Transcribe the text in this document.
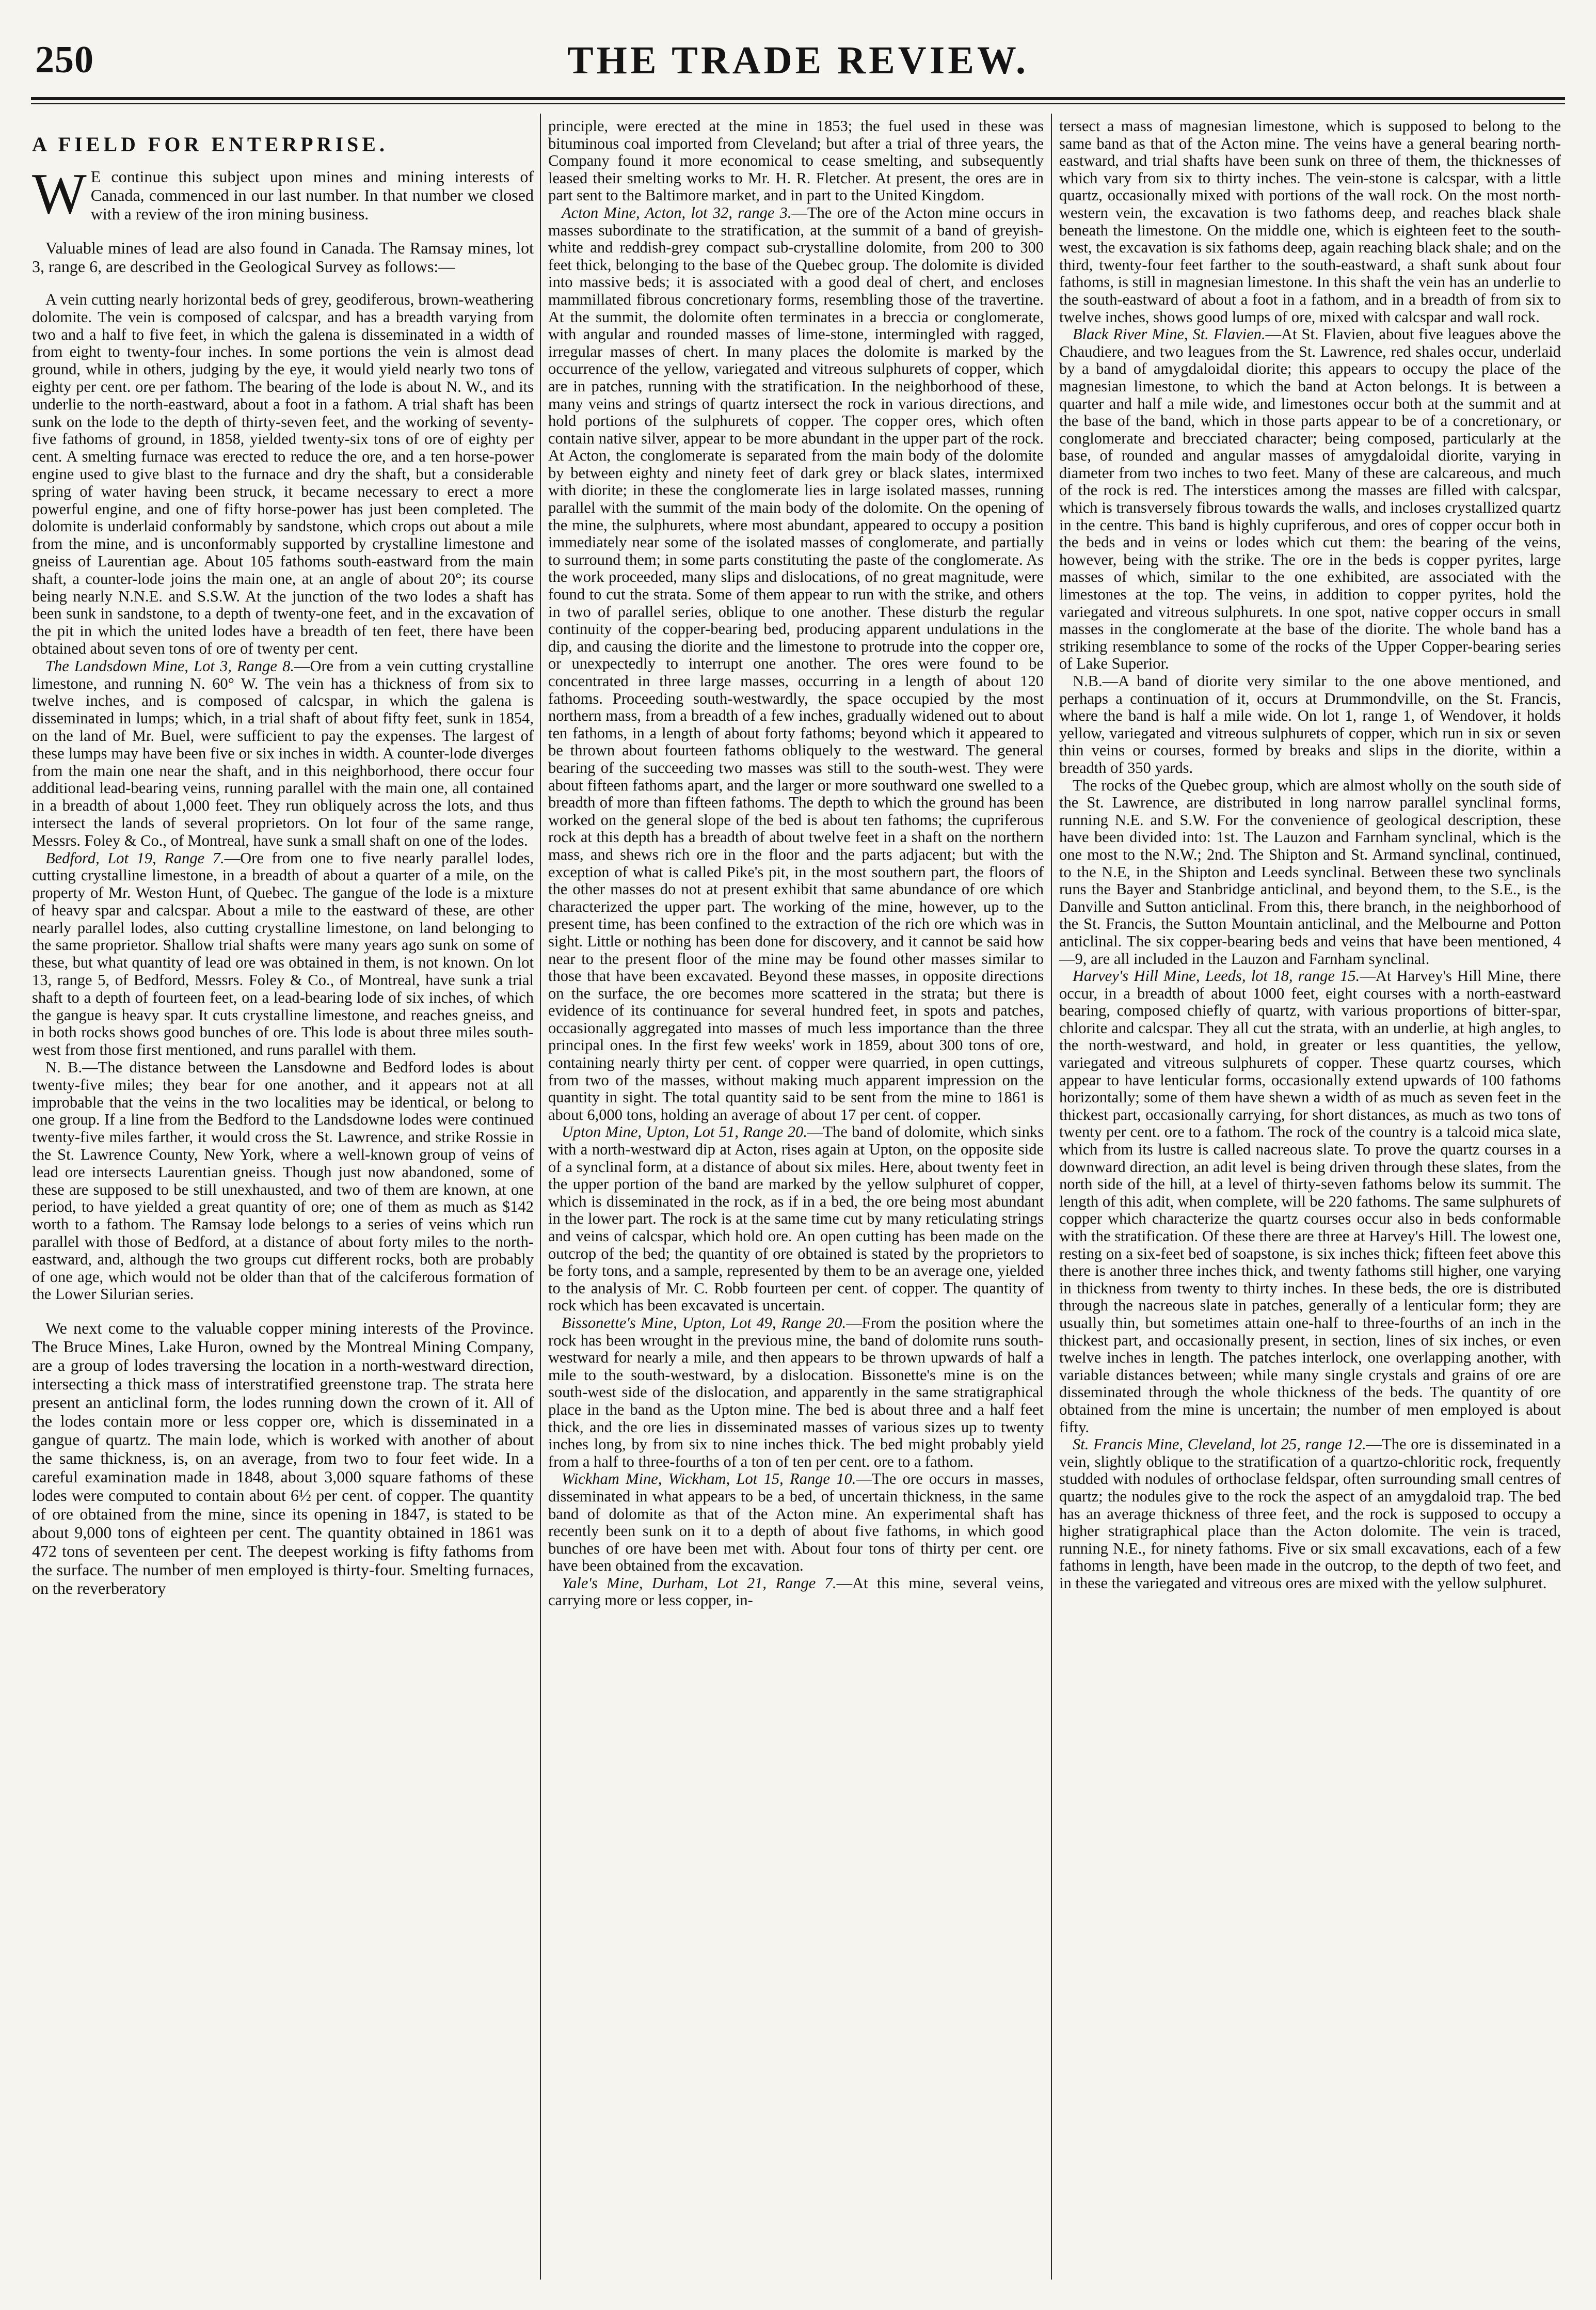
250	THE TRADE REVIEW.
A FIELD FOR ENTERPRISE.

W E continue this subject upon mines and mining interests of Canada, commenced in our last number. In that number we closed with a review of the iron mining business.

Valuable mines of lead are also found in Canada. The Ramsay mines, lot 3, range 6, are described in the Geological Survey as follows:—

A vein cutting nearly horizontal beds of grey, geodiferous, brown-weathering dolomite. The vein is composed of calcspar, and has a breadth varying from two and a half to five feet, in which the galena is disseminated in a width of from eight to twenty-four inches. In some portions the vein is almost dead ground, while in others, judging by the eye, it would yield nearly two tons of eighty per cent. ore per fathom. The bearing of the lode is about N. W., and its underlie to the north-eastward, about a foot in a fathom. A trial shaft has been sunk on the lode to the depth of thirty-seven feet, and the working of seventy-five fathoms of ground, in 1858, yielded twenty-six tons of ore of eighty per cent. A smelting furnace was erected to reduce the ore, and a ten horse-power engine used to give blast to the furnace and dry the shaft, but a considerable spring of water having been struck, it became necessary to erect a more powerful engine, and one of fifty horse-power has just been completed. The dolomite is underlaid conformably by sandstone, which crops out about a mile from the mine, and is unconformably supported by crystalline limestone and gneiss of Laurentian age. About 105 fathoms south-eastward from the main shaft, a counter-lode joins the main one, at an angle of about 20°; its course being nearly N.N.E. and S.S.W. At the junction of the two lodes a shaft has been sunk in sandstone, to a depth of twenty-one feet, and in the excavation of the pit in which the united lodes have a breadth of ten feet, there have been obtained about seven tons of ore of twenty per cent.

The Landsdown Mine, Lot 3, Range 8.—Ore from a vein cutting crystalline limestone, and running N. 60° W. The vein has a thickness of from six to twelve inches, and is composed of calcspar, in which the galena is disseminated in lumps; which, in a trial shaft of about fifty feet, sunk in 1854, on the land of Mr. Buel, were sufficient to pay the expenses. The largest of these lumps may have been five or six inches in width. A counter-lode diverges from the main one near the shaft, and in this neighborhood, there occur four additional lead-bearing veins, running parallel with the main one, all contained in a breadth of about 1,000 feet. They run obliquely across the lots, and thus intersect the lands of several proprietors. On lot four of the same range, Messrs. Foley & Co., of Montreal, have sunk a small shaft on one of the lodes.

Bedford, Lot 19, Range 7.—Ore from one to five nearly parallel lodes, cutting crystalline limestone, in a breadth of about a quarter of a mile, on the property of Mr. Weston Hunt, of Quebec. The gangue of the lode is a mixture of heavy spar and calcspar. About a mile to the eastward of these, are other nearly parallel lodes, also cutting crystalline limestone, on land belonging to the same proprietor. Shallow trial shafts were many years ago sunk on some of these, but what quantity of lead ore was obtained in them, is not known. On lot 13, range 5, of Bedford, Messrs. Foley & Co., of Montreal, have sunk a trial shaft to a depth of fourteen feet, on a lead-bearing lode of six inches, of which the gangue is heavy spar. It cuts crystalline limestone, and reaches gneiss, and in both rocks shows good bunches of ore. This lode is about three miles south-west from those first mentioned, and runs parallel with them.

N. B.—The distance between the Lansdowne and Bedford lodes is about twenty-five miles; they bear for one another, and it appears not at all improbable that the veins in the two localities may be identical, or belong to one group. If a line from the Bedford to the Landsdowne lodes were continued twenty-five miles farther, it would cross the St. Lawrence, and strike Rossie in the St. Lawrence County, New York, where a well-known group of veins of lead ore intersects Laurentian gneiss. Though just now abandoned, some of these are supposed to be still unexhausted, and two of them are known, at one period, to have yielded a great quantity of ore; one of them as much as $142 worth to a fathom. The Ramsay lode belongs to a series of veins which run parallel with those of Bedford, at a distance of about forty miles to the north-eastward, and, although the two groups cut different rocks, both are probably of one age, which would not be older than that of the calciferous formation of the Lower Silurian series.

We next come to the valuable copper mining interests of the Province. The Bruce Mines, Lake Huron, owned by the Montreal Mining Company, are a group of lodes traversing the location in a north-westward direction, intersecting a thick mass of interstratified greenstone trap. The strata here present an anticlinal form, the lodes running down the crown of it. All of the lodes contain more or less copper ore, which is disseminated in a gangue of quartz. The main lode, which is worked with another of about the same thickness, is, on an average, from two to four feet wide. In a careful examination made in 1848, about 3,000 square fathoms of these lodes were computed to contain about 6½ per cent. of copper. The quantity of ore obtained from the mine, since its opening in 1847, is stated to be about 9,000 tons of eighteen per cent. The quantity obtained in 1861 was 472 tons of seventeen per cent. The deepest working is fifty fathoms from the surface. The number of men employed is thirty-four. Smelting furnaces, on the reverberatory

principle, were erected at the mine in 1853; the fuel used in these was bituminous coal imported from Cleveland; but after a trial of three years, the Company found it more economical to cease smelting, and subsequently leased their smelting works to Mr. H. R. Fletcher. At present, the ores are in part sent to the Baltimore market, and in part to the United Kingdom.

Acton Mine, Acton, lot 32, range 3.—The ore of the Acton mine occurs in masses subordinate to the stratification, at the summit of a band of greyish-white and reddish-grey compact sub-crystalline dolomite, from 200 to 300 feet thick, belonging to the base of the Quebec group. The dolomite is divided into massive beds; it is associated with a good deal of chert, and encloses mammillated fibrous concretionary forms, resembling those of the travertine. At the summit, the dolomite often terminates in a breccia or conglomerate, with angular and rounded masses of lime-stone, intermingled with ragged, irregular masses of chert. In many places the dolomite is marked by the occurrence of the yellow, variegated and vitreous sulphurets of copper, which are in patches, running with the stratification. In the neighborhood of these, many veins and strings of quartz intersect the rock in various directions, and hold portions of the sulphurets of copper. The copper ores, which often contain native silver, appear to be more abundant in the upper part of the rock. At Acton, the conglomerate is separated from the main body of the dolomite by between eighty and ninety feet of dark grey or black slates, intermixed with diorite; in these the conglomerate lies in large isolated masses, running parallel with the summit of the main body of the dolomite. On the opening of the mine, the sulphurets, where most abundant, appeared to occupy a position immediately near some of the isolated masses of conglomerate, and partially to surround them; in some parts constituting the paste of the conglomerate. As the work proceeded, many slips and dislocations, of no great magnitude, were found to cut the strata. Some of them appear to run with the strike, and others in two of parallel series, oblique to one another. These disturb the regular continuity of the copper-bearing bed, producing apparent undulations in the dip, and causing the diorite and the limestone to protrude into the copper ore, or unexpectedly to interrupt one another. The ores were found to be concentrated in three large masses, occurring in a length of about 120 fathoms. Proceeding south-westwardly, the space occupied by the most northern mass, from a breadth of a few inches, gradually widened out to about ten fathoms, in a length of about forty fathoms; beyond which it appeared to be thrown about fourteen fathoms obliquely to the westward. The general bearing of the succeeding two masses was still to the south-west. They were about fifteen fathoms apart, and the larger or more southward one swelled to a breadth of more than fifteen fathoms. The depth to which the ground has been worked on the general slope of the bed is about ten fathoms; the cupriferous rock at this depth has a breadth of about twelve feet in a shaft on the northern mass, and shews rich ore in the floor and the parts adjacent; but with the exception of what is called Pike's pit, in the most southern part, the floors of the other masses do not at present exhibit that same abundance of ore which characterized the upper part. The working of the mine, however, up to the present time, has been confined to the extraction of the rich ore which was in sight. Little or nothing has been done for discovery, and it cannot be said how near to the present floor of the mine may be found other masses similar to those that have been excavated. Beyond these masses, in opposite directions on the surface, the ore becomes more scattered in the strata; but there is evidence of its continuance for several hundred feet, in spots and patches, occasionally aggregated into masses of much less importance than the three principal ones. In the first few weeks' work in 1859, about 300 tons of ore, containing nearly thirty per cent. of copper were quarried, in open cuttings, from two of the masses, without making much apparent impression on the quantity in sight. The total quantity said to be sent from the mine to 1861 is about 6,000 tons, holding an average of about 17 per cent. of copper.

Upton Mine, Upton, Lot 51, Range 20.—The band of dolomite, which sinks with a north-westward dip at Acton, rises again at Upton, on the opposite side of a synclinal form, at a distance of about six miles. Here, about twenty feet in the upper portion of the band are marked by the yellow sulphuret of copper, which is disseminated in the rock, as if in a bed, the ore being most abundant in the lower part. The rock is at the same time cut by many reticulating strings and veins of calcspar, which hold ore. An open cutting has been made on the outcrop of the bed; the quantity of ore obtained is stated by the proprietors to be forty tons, and a sample, represented by them to be an average one, yielded to the analysis of Mr. C. Robb fourteen per cent. of copper. The quantity of rock which has been excavated is uncertain.

Bissonette's Mine, Upton, Lot 49, Range 20.—From the position where the rock has been wrought in the previous mine, the band of dolomite runs south-westward for nearly a mile, and then appears to be thrown upwards of half a mile to the south-westward, by a dislocation. Bissonette's mine is on the south-west side of the dislocation, and apparently in the same stratigraphical place in the band as the Upton mine. The bed is about three and a half feet thick, and the ore lies in disseminated masses of various sizes up to twenty inches long, by from six to nine inches thick. The bed might probably yield from a half to three-fourths of a ton of ten per cent. ore to a fathom.

Wickham Mine, Wickham, Lot 15, Range 10.—The ore occurs in masses, disseminated in what appears to be a bed, of uncertain thickness, in the same band of dolomite as that of the Acton mine. An experimental shaft has recently been sunk on it to a depth of about five fathoms, in which good bunches of ore have been met with. About four tons of thirty per cent. ore have been obtained from the excavation.

Yale's Mine, Durham, Lot 21, Range 7.—At this mine, several veins, carrying more or less copper, in-

tersect a mass of magnesian limestone, which is supposed to belong to the same band as that of the Acton mine. The veins have a general bearing north-eastward, and trial shafts have been sunk on three of them, the thicknesses of which vary from six to thirty inches. The vein-stone is calcspar, with a little quartz, occasionally mixed with portions of the wall rock. On the most north-western vein, the excavation is two fathoms deep, and reaches black shale beneath the limestone. On the middle one, which is eighteen feet to the south-west, the excavation is six fathoms deep, again reaching black shale; and on the third, twenty-four feet farther to the south-eastward, a shaft sunk about four fathoms, is still in magnesian limestone. In this shaft the vein has an underlie to the south-eastward of about a foot in a fathom, and in a breadth of from six to twelve inches, shows good lumps of ore, mixed with calcspar and wall rock.

Black River Mine, St. Flavien.—At St. Flavien, about five leagues above the Chaudiere, and two leagues from the St. Lawrence, red shales occur, underlaid by a band of amygdaloidal diorite; this appears to occupy the place of the magnesian limestone, to which the band at Acton belongs. It is between a quarter and half a mile wide, and limestones occur both at the summit and at the base of the band, which in those parts appear to be of a concretionary, or conglomerate and brecciated character; being composed, particularly at the base, of rounded and angular masses of amygdaloidal diorite, varying in diameter from two inches to two feet. Many of these are calcareous, and much of the rock is red. The interstices among the masses are filled with calcspar, which is transversely fibrous towards the walls, and incloses crystallized quartz in the centre. This band is highly cupriferous, and ores of copper occur both in the beds and in veins or lodes which cut them: the bearing of the veins, however, being with the strike. The ore in the beds is copper pyrites, large masses of which, similar to the one exhibited, are associated with the limestones at the top. The veins, in addition to copper pyrites, hold the variegated and vitreous sulphurets. In one spot, native copper occurs in small masses in the conglomerate at the base of the diorite. The whole band has a striking resemblance to some of the rocks of the Upper Copper-bearing series of Lake Superior.

N.B.—A band of diorite very similar to the one above mentioned, and perhaps a continuation of it, occurs at Drummondville, on the St. Francis, where the band is half a mile wide. On lot 1, range 1, of Wendover, it holds yellow, variegated and vitreous sulphurets of copper, which run in six or seven thin veins or courses, formed by breaks and slips in the diorite, within a breadth of 350 yards.

The rocks of the Quebec group, which are almost wholly on the south side of the St. Lawrence, are distributed in long narrow parallel synclinal forms, running N.E. and S.W. For the convenience of geological description, these have been divided into: 1st. The Lauzon and Farnham synclinal, which is the one most to the N.W.; 2nd. The Shipton and St. Armand synclinal, continued, to the N.E, in the Shipton and Leeds synclinal. Between these two synclinals runs the Bayer and Stanbridge anticlinal, and beyond them, to the S.E., is the Danville and Sutton anticlinal. From this, there branch, in the neighborhood of the St. Francis, the Sutton Mountain anticlinal, and the Melbourne and Potton anticlinal. The six copper-bearing beds and veins that have been mentioned, 4—9, are all included in the Lauzon and Farnham synclinal.

Harvey's Hill Mine, Leeds, lot 18, range 15.—At Harvey's Hill Mine, there occur, in a breadth of about 1000 feet, eight courses with a north-eastward bearing, composed chiefly of quartz, with various proportions of bitter-spar, chlorite and calcspar. They all cut the strata, with an underlie, at high angles, to the north-westward, and hold, in greater or less quantities, the yellow, variegated and vitreous sulphurets of copper. These quartz courses, which appear to have lenticular forms, occasionally extend upwards of 100 fathoms horizontally; some of them have shewn a width of as much as seven feet in the thickest part, occasionally carrying, for short distances, as much as two tons of twenty per cent. ore to a fathom. The rock of the country is a talcoid mica slate, which from its lustre is called nacreous slate. To prove the quartz courses in a downward direction, an adit level is being driven through these slates, from the north side of the hill, at a level of thirty-seven fathoms below its summit. The length of this adit, when complete, will be 220 fathoms. The same sulphurets of copper which characterize the quartz courses occur also in beds conformable with the stratification. Of these there are three at Harvey's Hill. The lowest one, resting on a six-feet bed of soapstone, is six inches thick; fifteen feet above this there is another three inches thick, and twenty fathoms still higher, one varying in thickness from twenty to thirty inches. In these beds, the ore is distributed through the nacreous slate in patches, generally of a lenticular form; they are usually thin, but sometimes attain one-half to three-fourths of an inch in the thickest part, and occasionally present, in section, lines of six inches, or even twelve inches in length. The patches interlock, one overlapping another, with variable distances between; while many single crystals and grains of ore are disseminated through the whole thickness of the beds. The quantity of ore obtained from the mine is uncertain; the number of men employed is about fifty.

St. Francis Mine, Cleveland, lot 25, range 12.—The ore is disseminated in a vein, slightly oblique to the stratification of a quartzo-chloritic rock, frequently studded with nodules of orthoclase feldspar, often surrounding small centres of quartz; the nodules give to the rock the aspect of an amygdaloid trap. The bed has an average thickness of three feet, and the rock is supposed to occupy a higher stratigraphical place than the Acton dolomite. The vein is traced, running N.E., for ninety fathoms. Five or six small excavations, each of a few fathoms in length, have been made in the outcrop, to the depth of two feet, and in these the variegated and vitreous ores are mixed with the yellow sulphuret.
